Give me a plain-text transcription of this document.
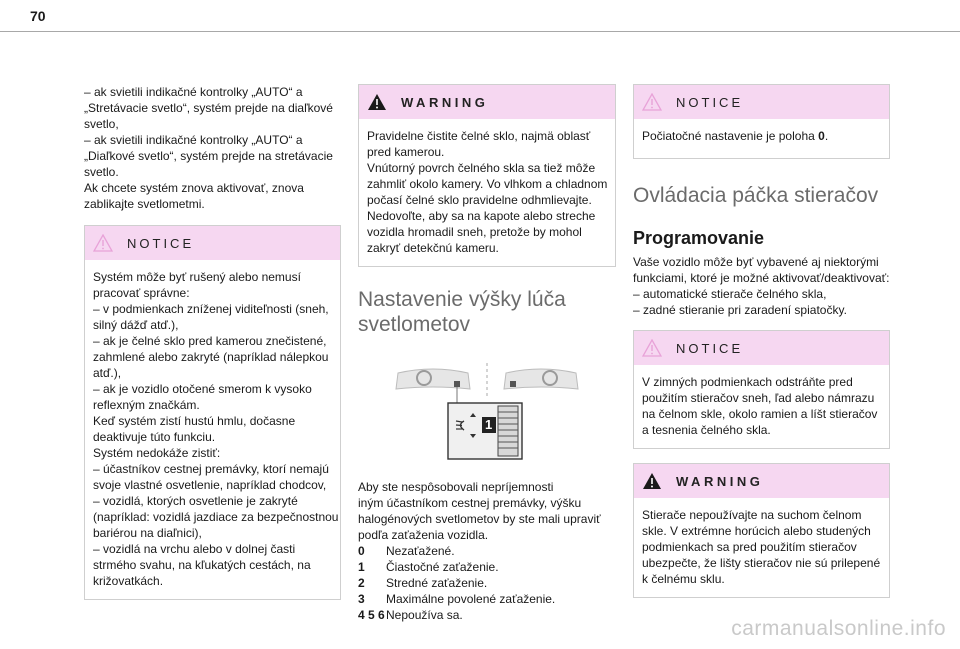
70
– ak svietili indikačné kontrolky „AUTO“ a
„Stretávacie svetlo“, systém prejde na diaľkové
svetlo,
– ak svietili indikačné kontrolky „AUTO“ a
„Diaľkové svetlo“, systém prejde na stretávacie
svetlo.
Ak chcete systém znova aktivovať, znova
zablikajte svetlometmi.
NOTICE
Systém môže byť rušený alebo nemusí
pracovať správne:
– v podmienkach zníženej viditeľnosti (sneh,
silný dážď atď.),
– ak je čelné sklo pred kamerou znečistené,
zahmlené alebo zakryté (napríklad nálepkou
atď.),
– ak je vozidlo otočené smerom k vysoko
reflexným značkám.
Keď systém zistí hustú hmlu, dočasne
deaktivuje túto funkciu.
Systém nedokáže zistiť:
– účastníkov cestnej premávky, ktorí nemajú
svoje vlastné osvetlenie, napríklad chodcov,
– vozidlá, ktorých osvetlenie je zakryté
(napríklad: vozidlá jazdiace za bezpečnostnou
bariérou na diaľnici),
– vozidlá na vrchu alebo v dolnej časti
strmého svahu, na kľukatých cestách, na
križovatkách.
WARNING
Pravidelne čistite čelné sklo, najmä oblasť
pred kamerou.
Vnútorný povrch čelného skla sa tiež môže
zahmliť okolo kamery. Vo vlhkom a chladnom
počasí čelné sklo pravidelne odhmlievajte.
Nedovoľte, aby sa na kapote alebo streche
vozidla hromadil sneh, pretože by mohol
zakryť detekčnú kameru.
Nastavenie výšky lúča
svetlometov
1
Aby ste nespôsobovali nepríjemnosti
iným účastníkom cestnej premávky, výšku
halogénových svetlometov by ste mali upraviť
podľa zaťaženia vozidla.
0	Nezaťažené.
1	Čiastočné zaťaženie.
2	Stredné zaťaženie.
3	Maximálne povolené zaťaženie.
4 5 6 Nepoužíva sa.
NOTICE
Počiatočné nastavenie je poloha 0.
Ovládacia páčka stieračov
Programovanie
Vaše vozidlo môže byť vybavené aj niektorými
funkciami, ktoré je možné aktivovať/deaktivovať:
– automatické stierače čelného skla,
– zadné stieranie pri zaradení spiatočky.
NOTICE
V zimných podmienkach odstráňte pred
použitím stieračov sneh, ľad alebo námrazu
na čelnom skle, okolo ramien a líšt stieračov
a tesnenia čelného skla.
WARNING
Stierače nepoužívajte na suchom čelnom
skle. V extrémne horúcich alebo studených
podmienkach sa pred použitím stieračov
ubezpečte, že lišty stieračov nie sú prilepené
k čelnému sklu.
carmanualsonline.info
